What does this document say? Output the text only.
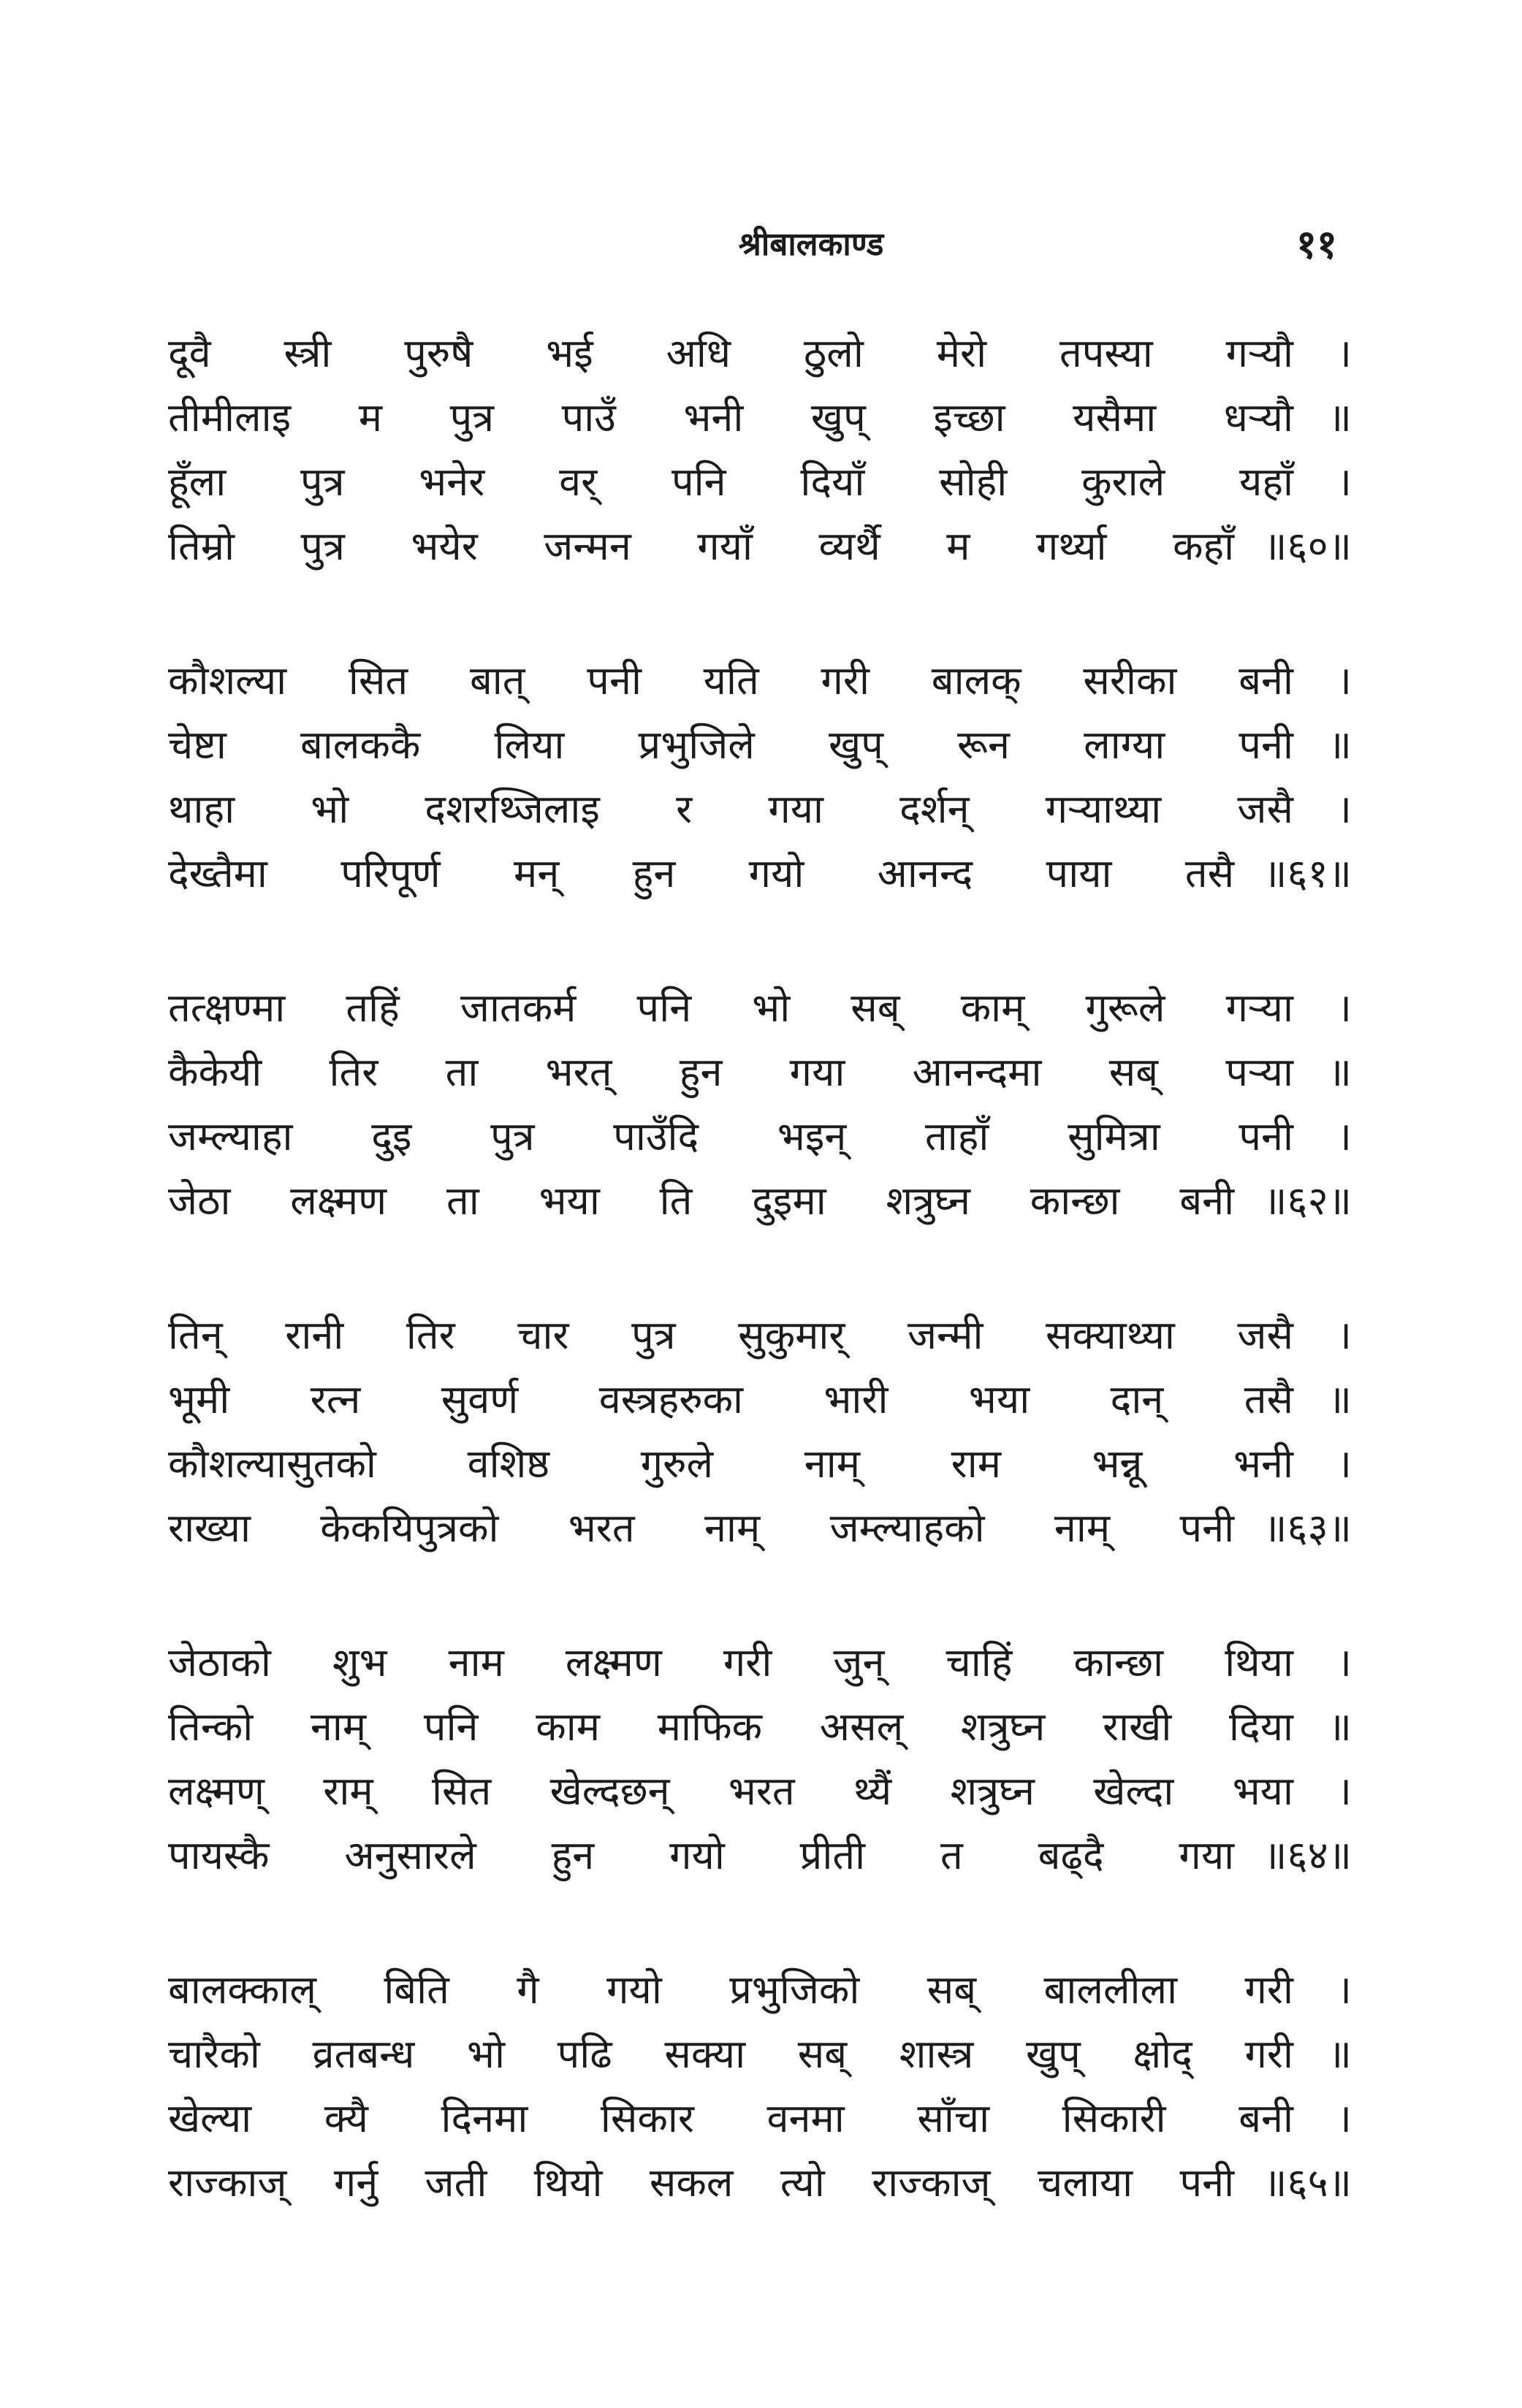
श्रीबालकाण्ड	११
दूवै स्त्री पुरुषै भई अधि ठुलो मेरो तपस्या गऱ्यौ	।
तीमीलाइ म पुत्र पाउँ भनी खुप् इच्छा यसैमा धऱ्यौ ॥
हूँला पुत्र भनेर वर् पनि दियाँ सोही कुराले यहाँ	।
तिम्रो पुत्र भयेर जन्मन गयाँ व्यर्थै म गर्थ्या कहाँ ॥६०॥
कौशल्या सित बात् पनी यति गरी बालक् सरीका बनी	।
चेष्टा बालककै लिया प्रभुजिले खुप् रून लाग्या पनी ॥
थाहा भो दशरथ्जिलाइ र गया दर्शन् गऱ्याथ्या जसै	।
देख्तैमा परिपूर्ण मन् हुन गयो आनन्द पाया तसै ॥६१॥
तत्क्षण्मा तहिं जातकर्म पनि भो सब् काम् गुरूले गऱ्या	।
कैकेयी तिर ता भरत् हुन गया आनन्दमा सब् पऱ्या ॥
जम्ल्याहा दुइ पुत्र पाउँदि भइन् ताहाँ सुमित्रा पनी	।
जेठा लक्ष्मण ता भया ति दुइमा शत्रुघ्न कान्छा बनी ॥६२॥
तिन् रानी तिर चार पुत्र सुकुमार् जन्मी सक्याथ्या जसै	।
भूमी रत्न सुवर्ण वस्त्रहरुका भारी भया दान् तसै ॥
कौशल्यासुतको वशिष्ठ गुरुले नाम् राम भन्नू भनी	।
राख्या केकयिपुत्रको भरत नाम् जम्ल्याहको नाम् पनी ॥६३॥
जेठाको शुभ नाम लक्ष्मण गरी जुन् चाहिं कान्छा थिया	।
तिन्को नाम् पनि काम माफिक असल् शत्रुघ्न राखी दिया ॥
लक्ष्मण् राम् सित खेल्दछन् भरत थ्यैं शत्रुघ्न खेल्दा भया	।
पायस्कै अनुसारले हुन गयो प्रीती त बढ्दै गया ॥६४॥
बालक्काल् बिति गै गयो प्रभुजिको सब् बाललीला गरी	।
चारैको व्रतबन्ध भो पढि सक्या सब् शास्त्र खुप् क्षोद् गरी ॥
खेल्या क्यै दिनमा सिकार वनमा साँचा सिकारी बनी	।
राज्काज् गर्नु जती थियो सकल त्यो राज्काज् चलाया पनी ॥६५॥
